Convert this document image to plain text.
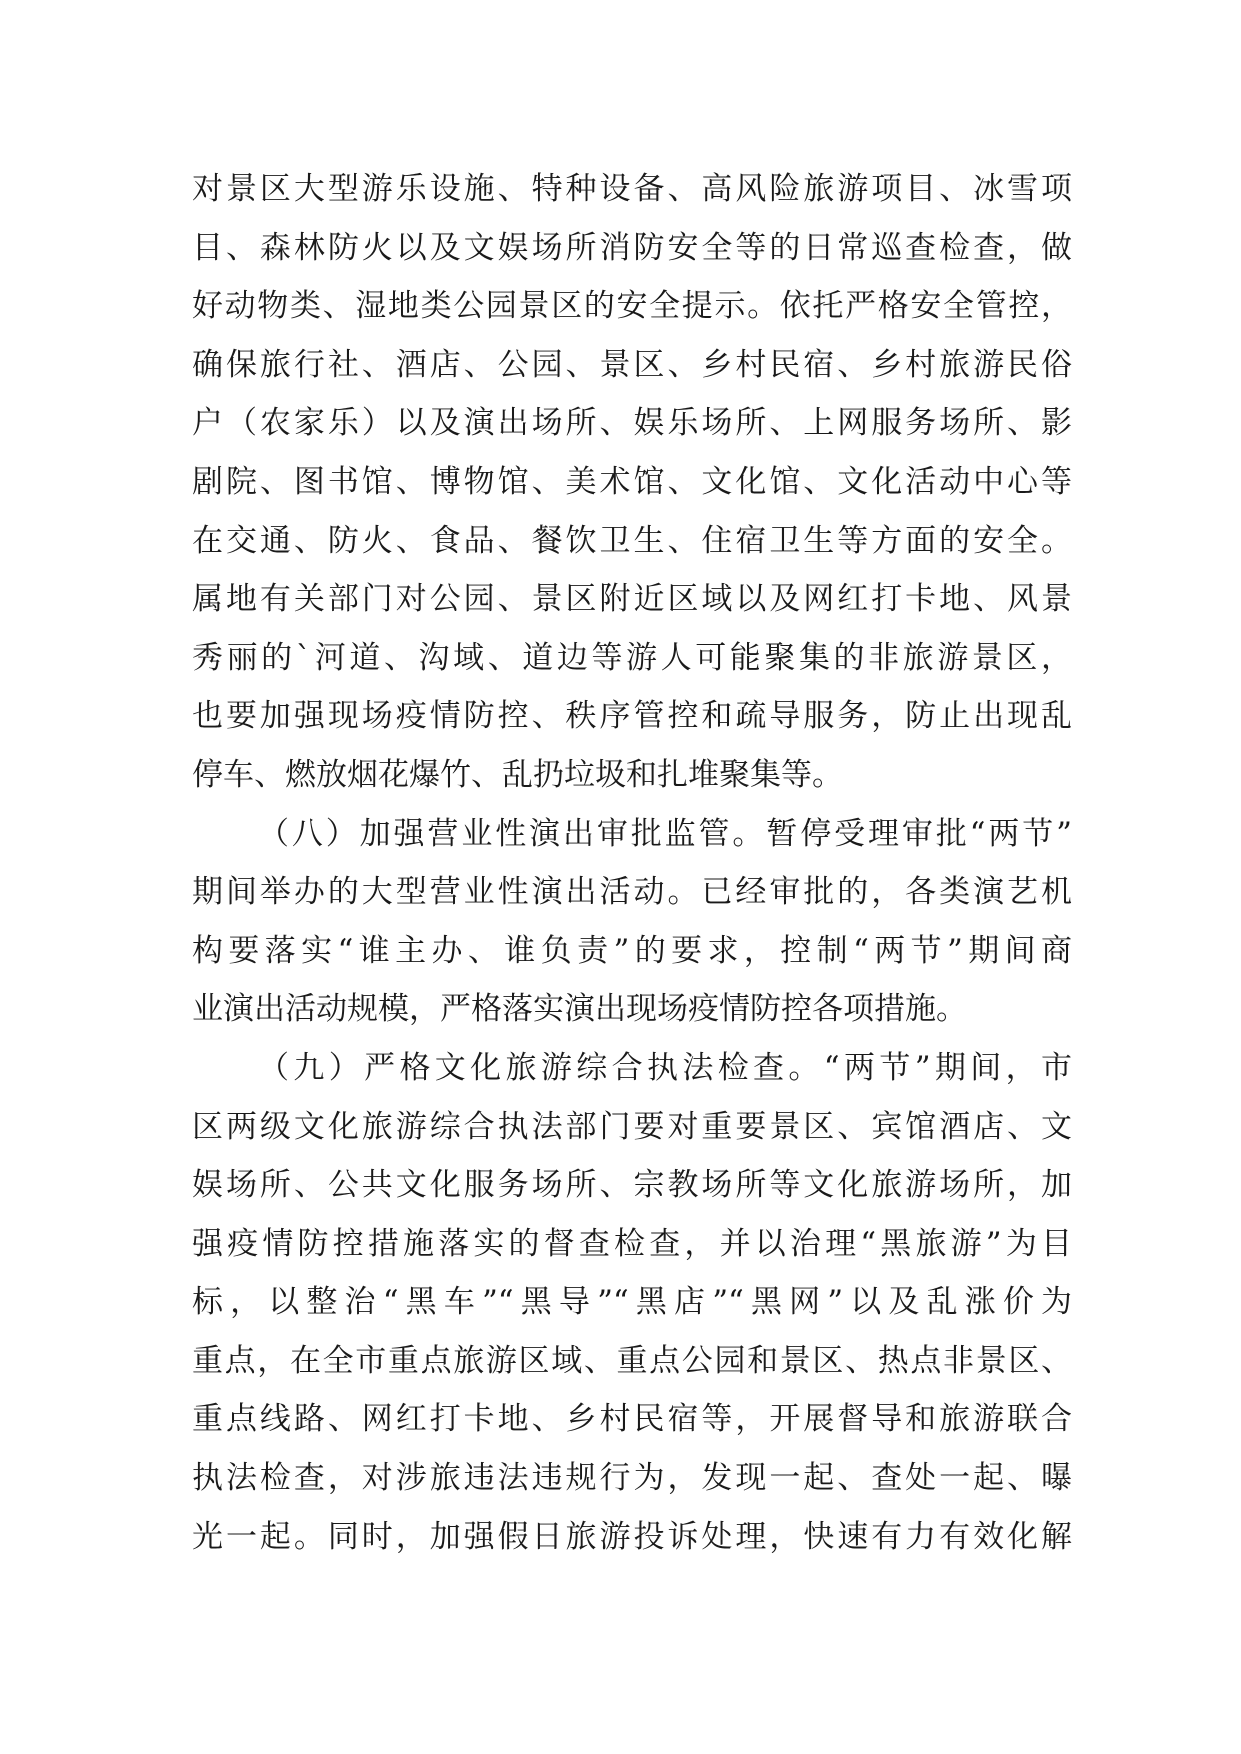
对景区大型游乐设施、特种设备、高风险旅游项目、冰雪项
目、森林防火以及文娱场所消防安全等的日常巡查检查，做
好动物类、湿地类公园景区的安全提示。依托严格安全管控，
确保旅行社、酒店、公园、景区、乡村民宿、乡村旅游民俗
户（农家乐）以及演出场所、娱乐场所、上网服务场所、影
剧院、图书馆、博物馆、美术馆、文化馆、文化活动中心等
在交通、防火、食品、餐饮卫生、住宿卫生等方面的安全。
属地有关部门对公园、景区附近区域以及网红打卡地、风景
秀丽的`河道、沟域、道边等游人可能聚集的非旅游景区，
也要加强现场疫情防控、秩序管控和疏导服务，防止出现乱
停车、燃放烟花爆竹、乱扔垃圾和扎堆聚集等。
（八）加强营业性演出审批监管。暂停受理审批“两节”
期间举办的大型营业性演出活动。已经审批的，各类演艺机
构要落实“谁主办、谁负责”的要求，控制“两节”期间商
业演出活动规模，严格落实演出现场疫情防控各项措施。
（九）严格文化旅游综合执法检查。“两节”期间，市
区两级文化旅游综合执法部门要对重要景区、宾馆酒店、文
娱场所、公共文化服务场所、宗教场所等文化旅游场所，加
强疫情防控措施落实的督查检查，并以治理“黑旅游”为目
标，以整治“黑车”“黑导”“黑店”“黑网”以及乱涨价为
重点，在全市重点旅游区域、重点公园和景区、热点非景区、
重点线路、网红打卡地、乡村民宿等，开展督导和旅游联合
执法检查，对涉旅违法违规行为，发现一起、查处一起、曝
光一起。同时，加强假日旅游投诉处理，快速有力有效化解
